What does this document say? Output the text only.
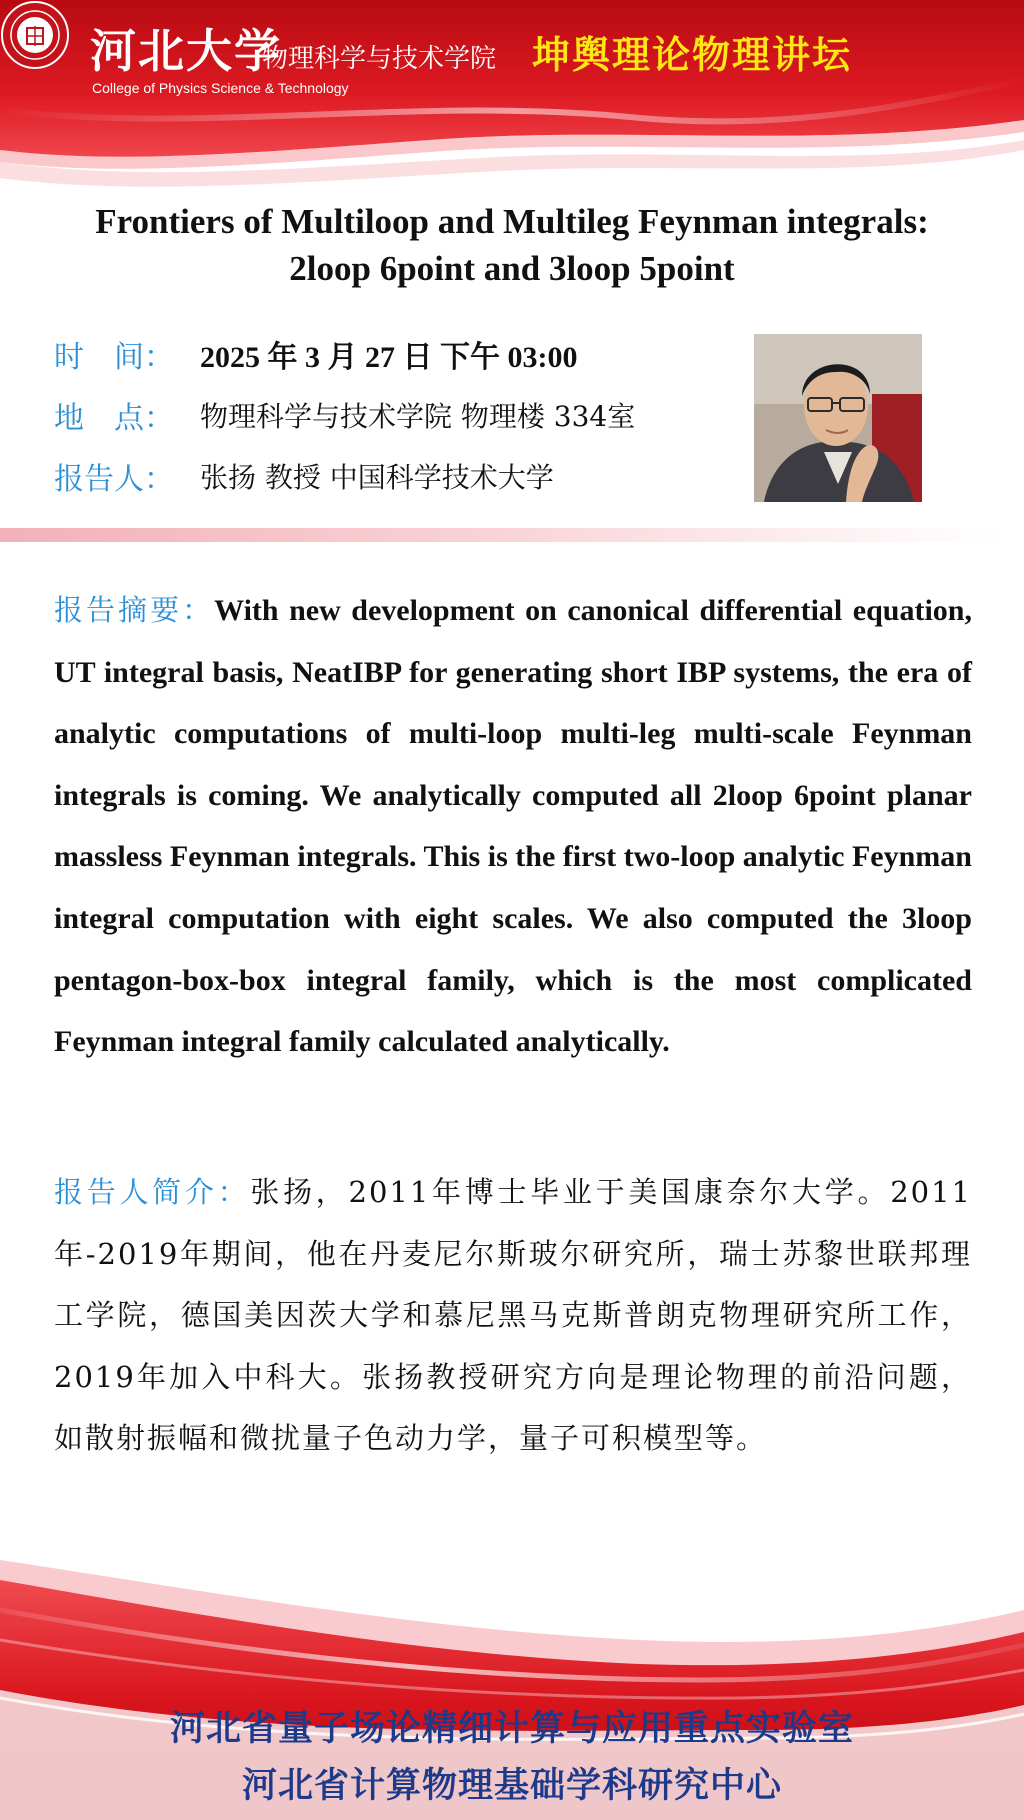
河北大学
物理科学与技术学院
College of Physics Science & Technology
坤舆理论物理讲坛
Frontiers of Multiloop and Multileg Feynman integrals:
2loop 6point and 3loop 5point
时　间： 2025 年 3 月 27 日 下午 03:00
地　点： 物理科学与技术学院 物理楼 334室
报告人： 张扬 教授 中国科学技术大学
报告摘要：With new development on canonical differential equation, UT integral basis, NeatIBP for generating short IBP systems, the era of analytic computations of multi-loop multi-leg multi-scale Feynman integrals is coming. We analytically computed all 2loop 6point planar massless Feynman integrals. This is the first two-loop analytic Feynman integral computation with eight scales. We also computed the 3loop pentagon-box-box integral family, which is the most complicated Feynman integral family calculated analytically.
报告人简介：张扬，2011年博士毕业于美国康奈尔大学。2011年-2019年期间，他在丹麦尼尔斯玻尔研究所，瑞士苏黎世联邦理工学院，德国美因茨大学和慕尼黑马克斯普朗克物理研究所工作，2019年加入中科大。张扬教授研究方向是理论物理的前沿问题，如散射振幅和微扰量子色动力学，量子可积模型等。
河北省量子场论精细计算与应用重点实验室
河北省计算物理基础学科研究中心
